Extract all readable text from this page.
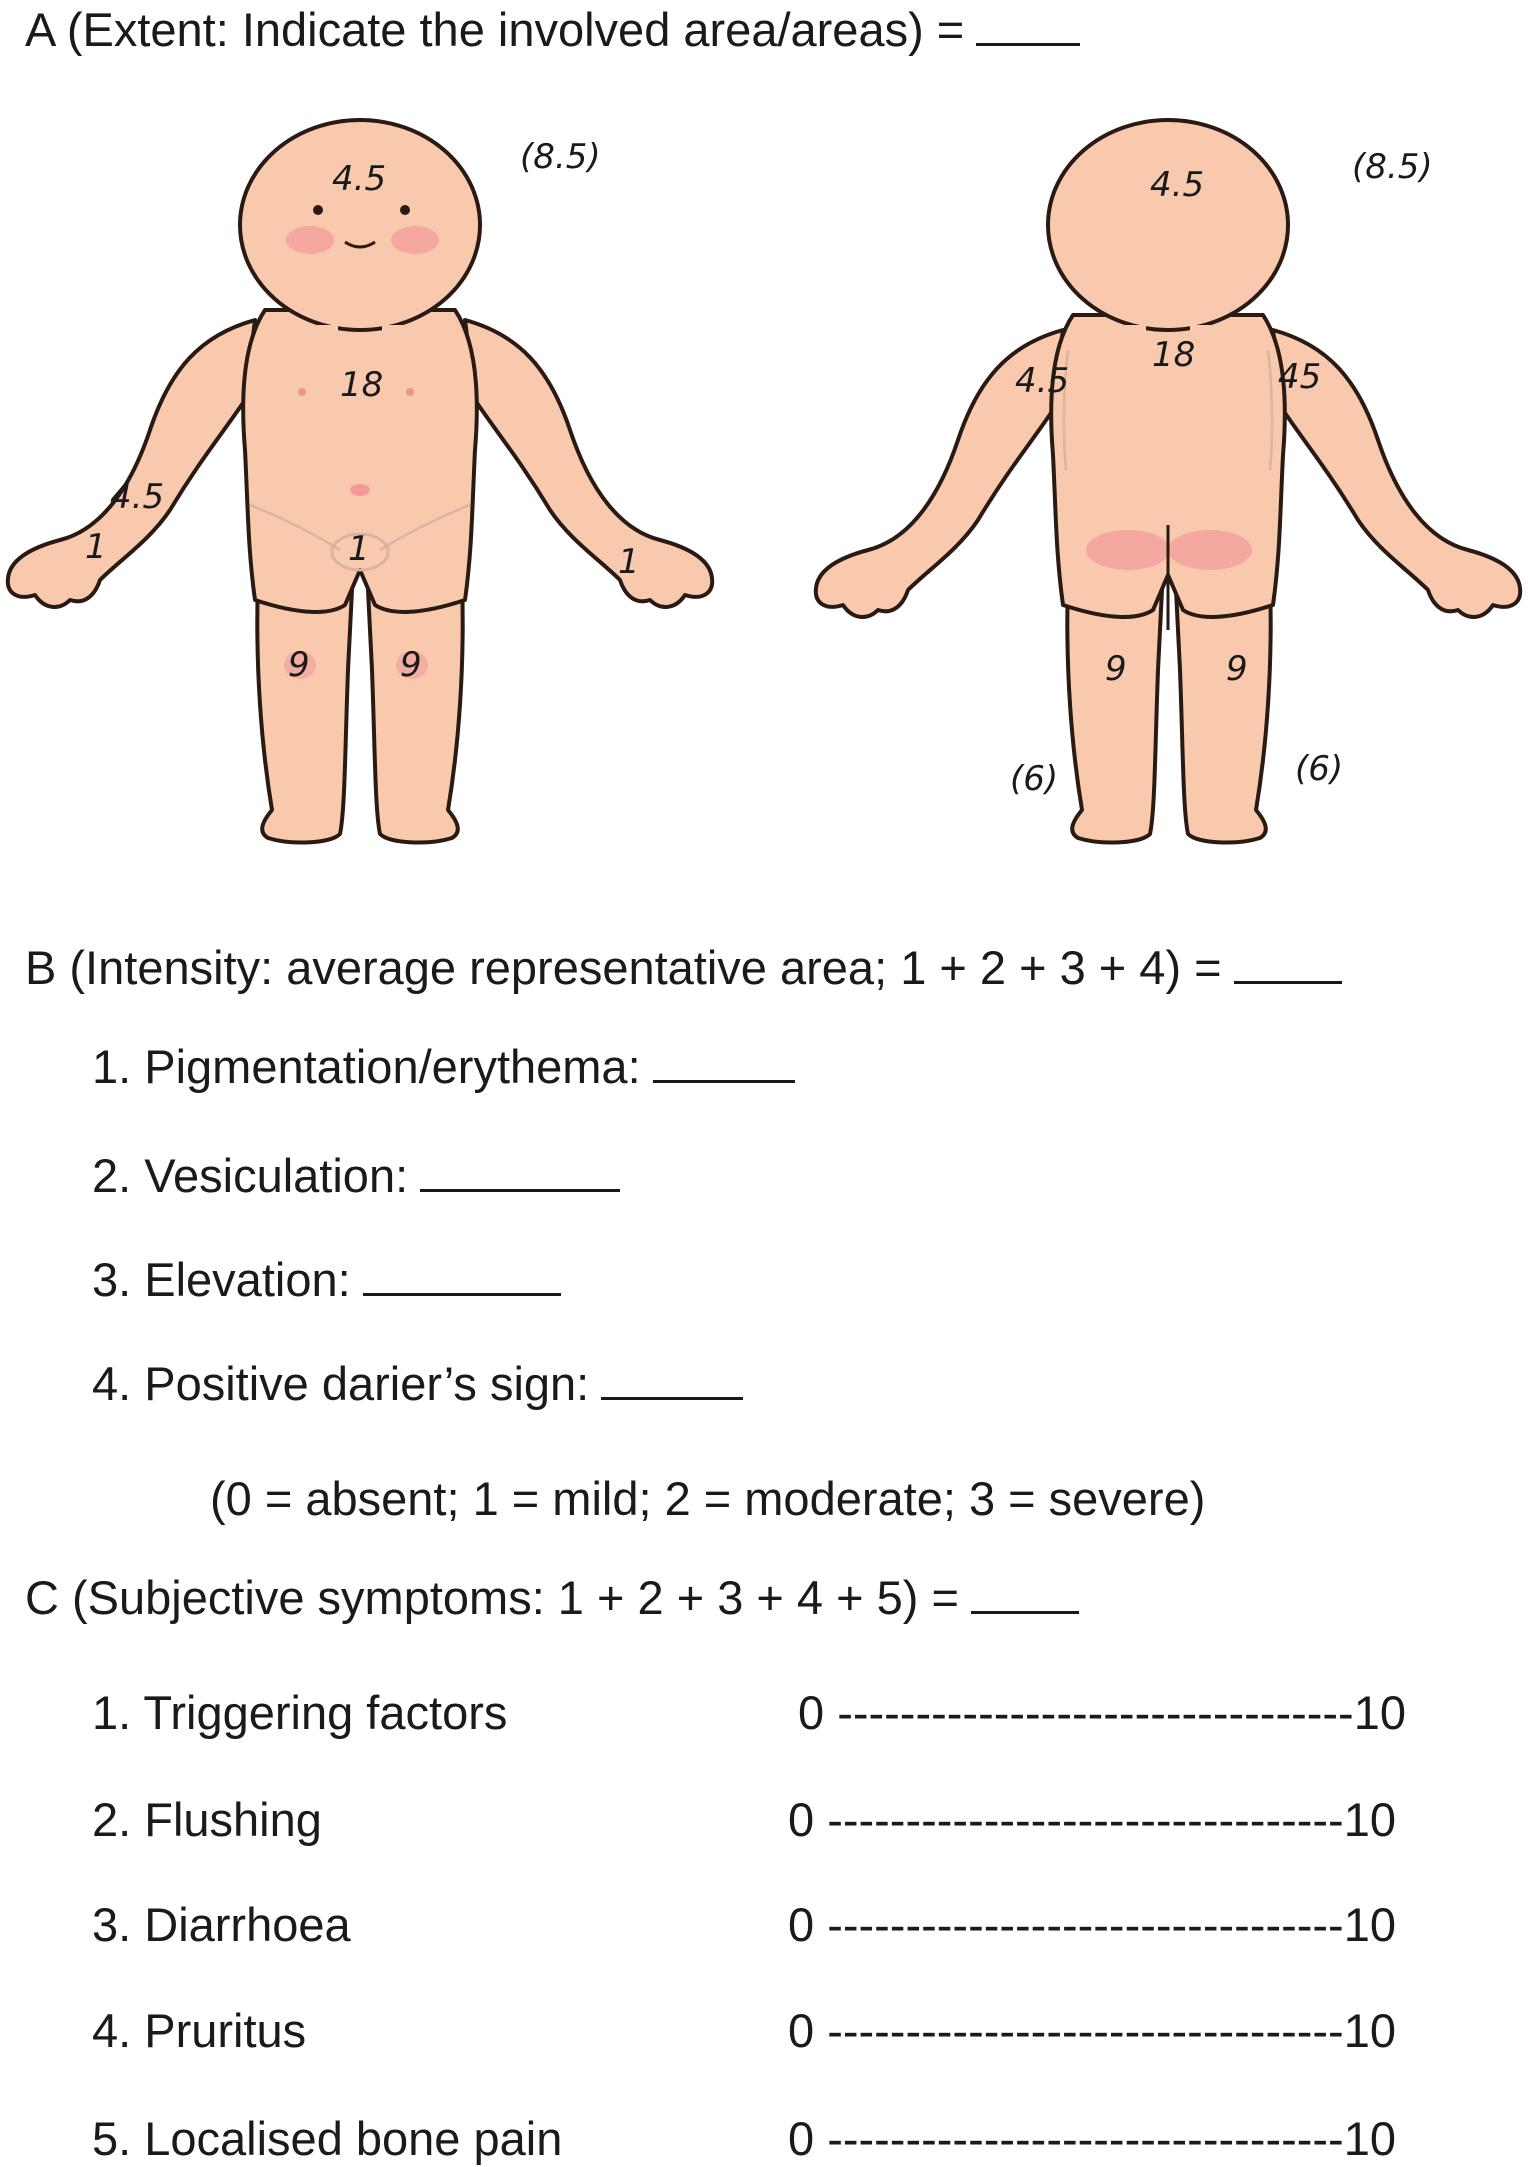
A (Extent: Indicate the involved area/areas) =
4.5
(8.5)
18
4.5
1	1	1
9	9
4.5	(8.5)
18
4.5	45
9	9
(6)	(6)
B (Intensity: average representative area; 1 + 2 + 3 + 4) =
1. Pigmentation/erythema:
2. Vesiculation:
3. Elevation:
4. Positive darier’s sign:
(0 = absent; 1 = mild; 2 = moderate; 3 = severe)
C (Subjective symptoms: 1 + 2 + 3 + 4 + 5) =
1. Triggering factors	0 ---------------------------------10
2. Flushing	0 ---------------------------------10
3. Diarrhoea	0 ---------------------------------10
4. Pruritus	0 ---------------------------------10
5. Localised bone pain	0 ---------------------------------10
